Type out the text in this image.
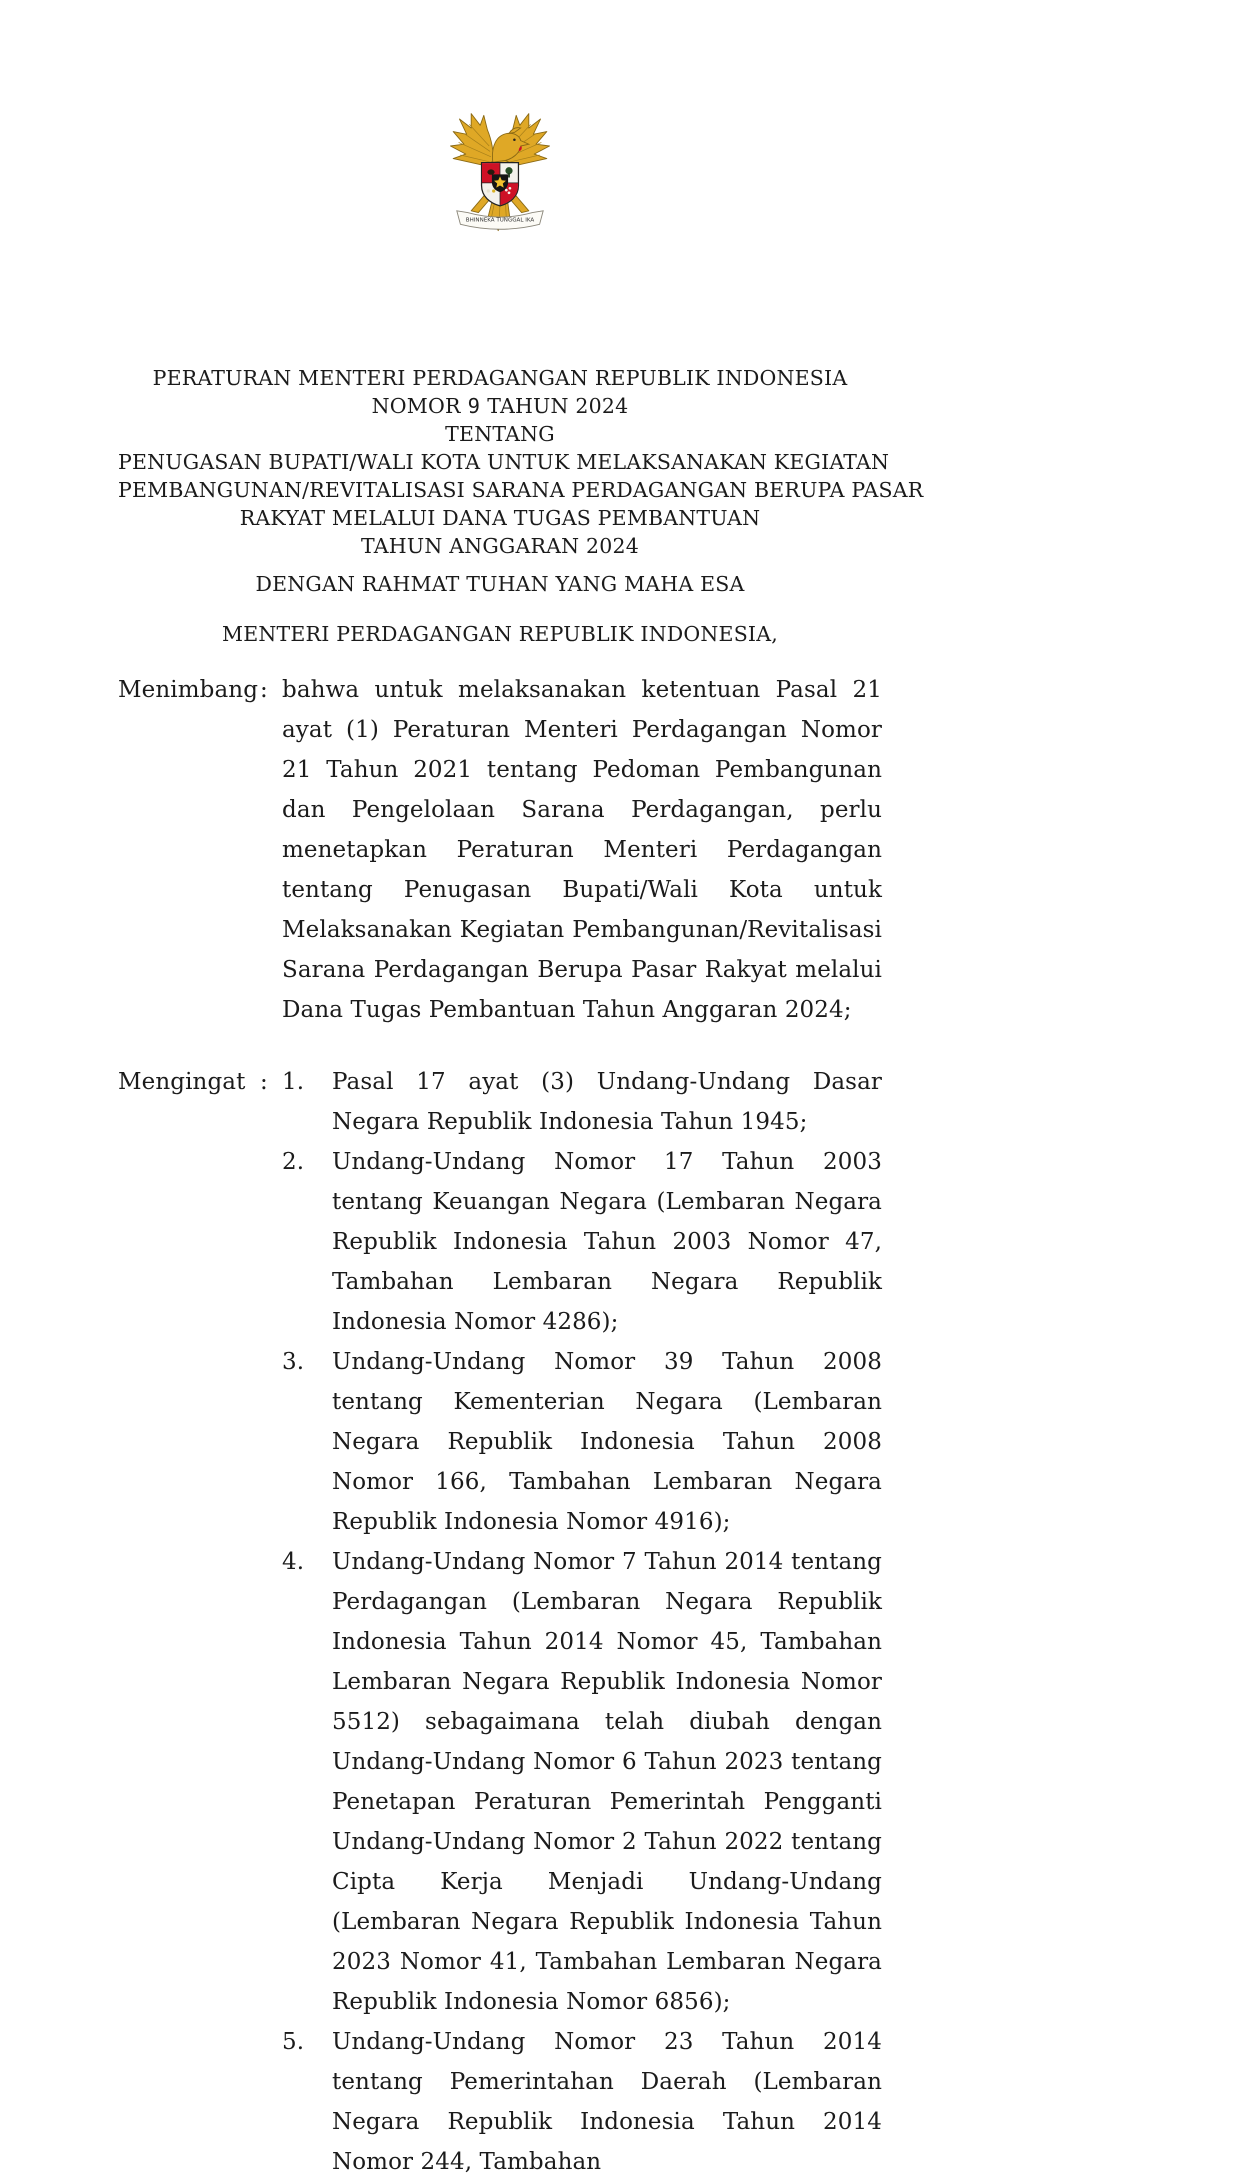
BHINNEKA TUNGGAL IKA
PERATURAN MENTERI PERDAGANGAN REPUBLIK INDONESIA
NOMOR 9 TAHUN 2024
TENTANG
PENUGASAN BUPATI/WALI KOTA UNTUK MELAKSANAKAN KEGIATAN
PEMBANGUNAN/REVITALISASI SARANA PERDAGANGAN BERUPA PASAR
RAKYAT MELALUI DANA TUGAS PEMBANTUAN
TAHUN ANGGARAN 2024
DENGAN RAHMAT TUHAN YANG MAHA ESA
MENTERI PERDAGANGAN REPUBLIK INDONESIA,
Menimbang : bahwa untuk melaksanakan ketentuan Pasal 21 ayat (1) Peraturan Menteri Perdagangan Nomor 21 Tahun 2021 tentang Pedoman Pembangunan dan Pengelolaan Sarana Perdagangan, perlu menetapkan Peraturan Menteri Perdagangan tentang Penugasan Bupati/Wali Kota untuk Melaksanakan Kegiatan Pembangunan/Revitalisasi Sarana Perdagangan Berupa Pasar Rakyat melalui Dana Tugas Pembantuan Tahun Anggaran 2024;
Mengingat : 1.	Pasal 17 ayat (3) Undang-Undang Dasar Negara Republik Indonesia Tahun 1945;
2.	Undang-Undang Nomor 17 Tahun 2003 tentang Keuangan Negara (Lembaran Negara Republik Indonesia Tahun 2003 Nomor 47, Tambahan Lembaran Negara Republik Indonesia Nomor 4286);
3.	Undang-Undang Nomor 39 Tahun 2008 tentang Kementerian Negara (Lembaran Negara Republik Indonesia Tahun 2008 Nomor 166, Tambahan Lembaran Negara Republik Indonesia Nomor 4916);
4.	Undang-Undang Nomor 7 Tahun 2014 tentang Perdagangan (Lembaran Negara Republik Indonesia Tahun 2014 Nomor 45, Tambahan Lembaran Negara Republik Indonesia Nomor 5512) sebagaimana telah diubah dengan Undang-Undang Nomor 6 Tahun 2023 tentang Penetapan Peraturan Pemerintah Pengganti Undang-Undang Nomor 2 Tahun 2022 tentang Cipta Kerja Menjadi Undang-Undang (Lembaran Negara Republik Indonesia Tahun 2023 Nomor 41, Tambahan Lembaran Negara Republik Indonesia Nomor 6856);
5.	Undang-Undang Nomor 23 Tahun 2014 tentang Pemerintahan Daerah (Lembaran Negara Republik Indonesia Tahun 2014 Nomor 244, Tambahan
